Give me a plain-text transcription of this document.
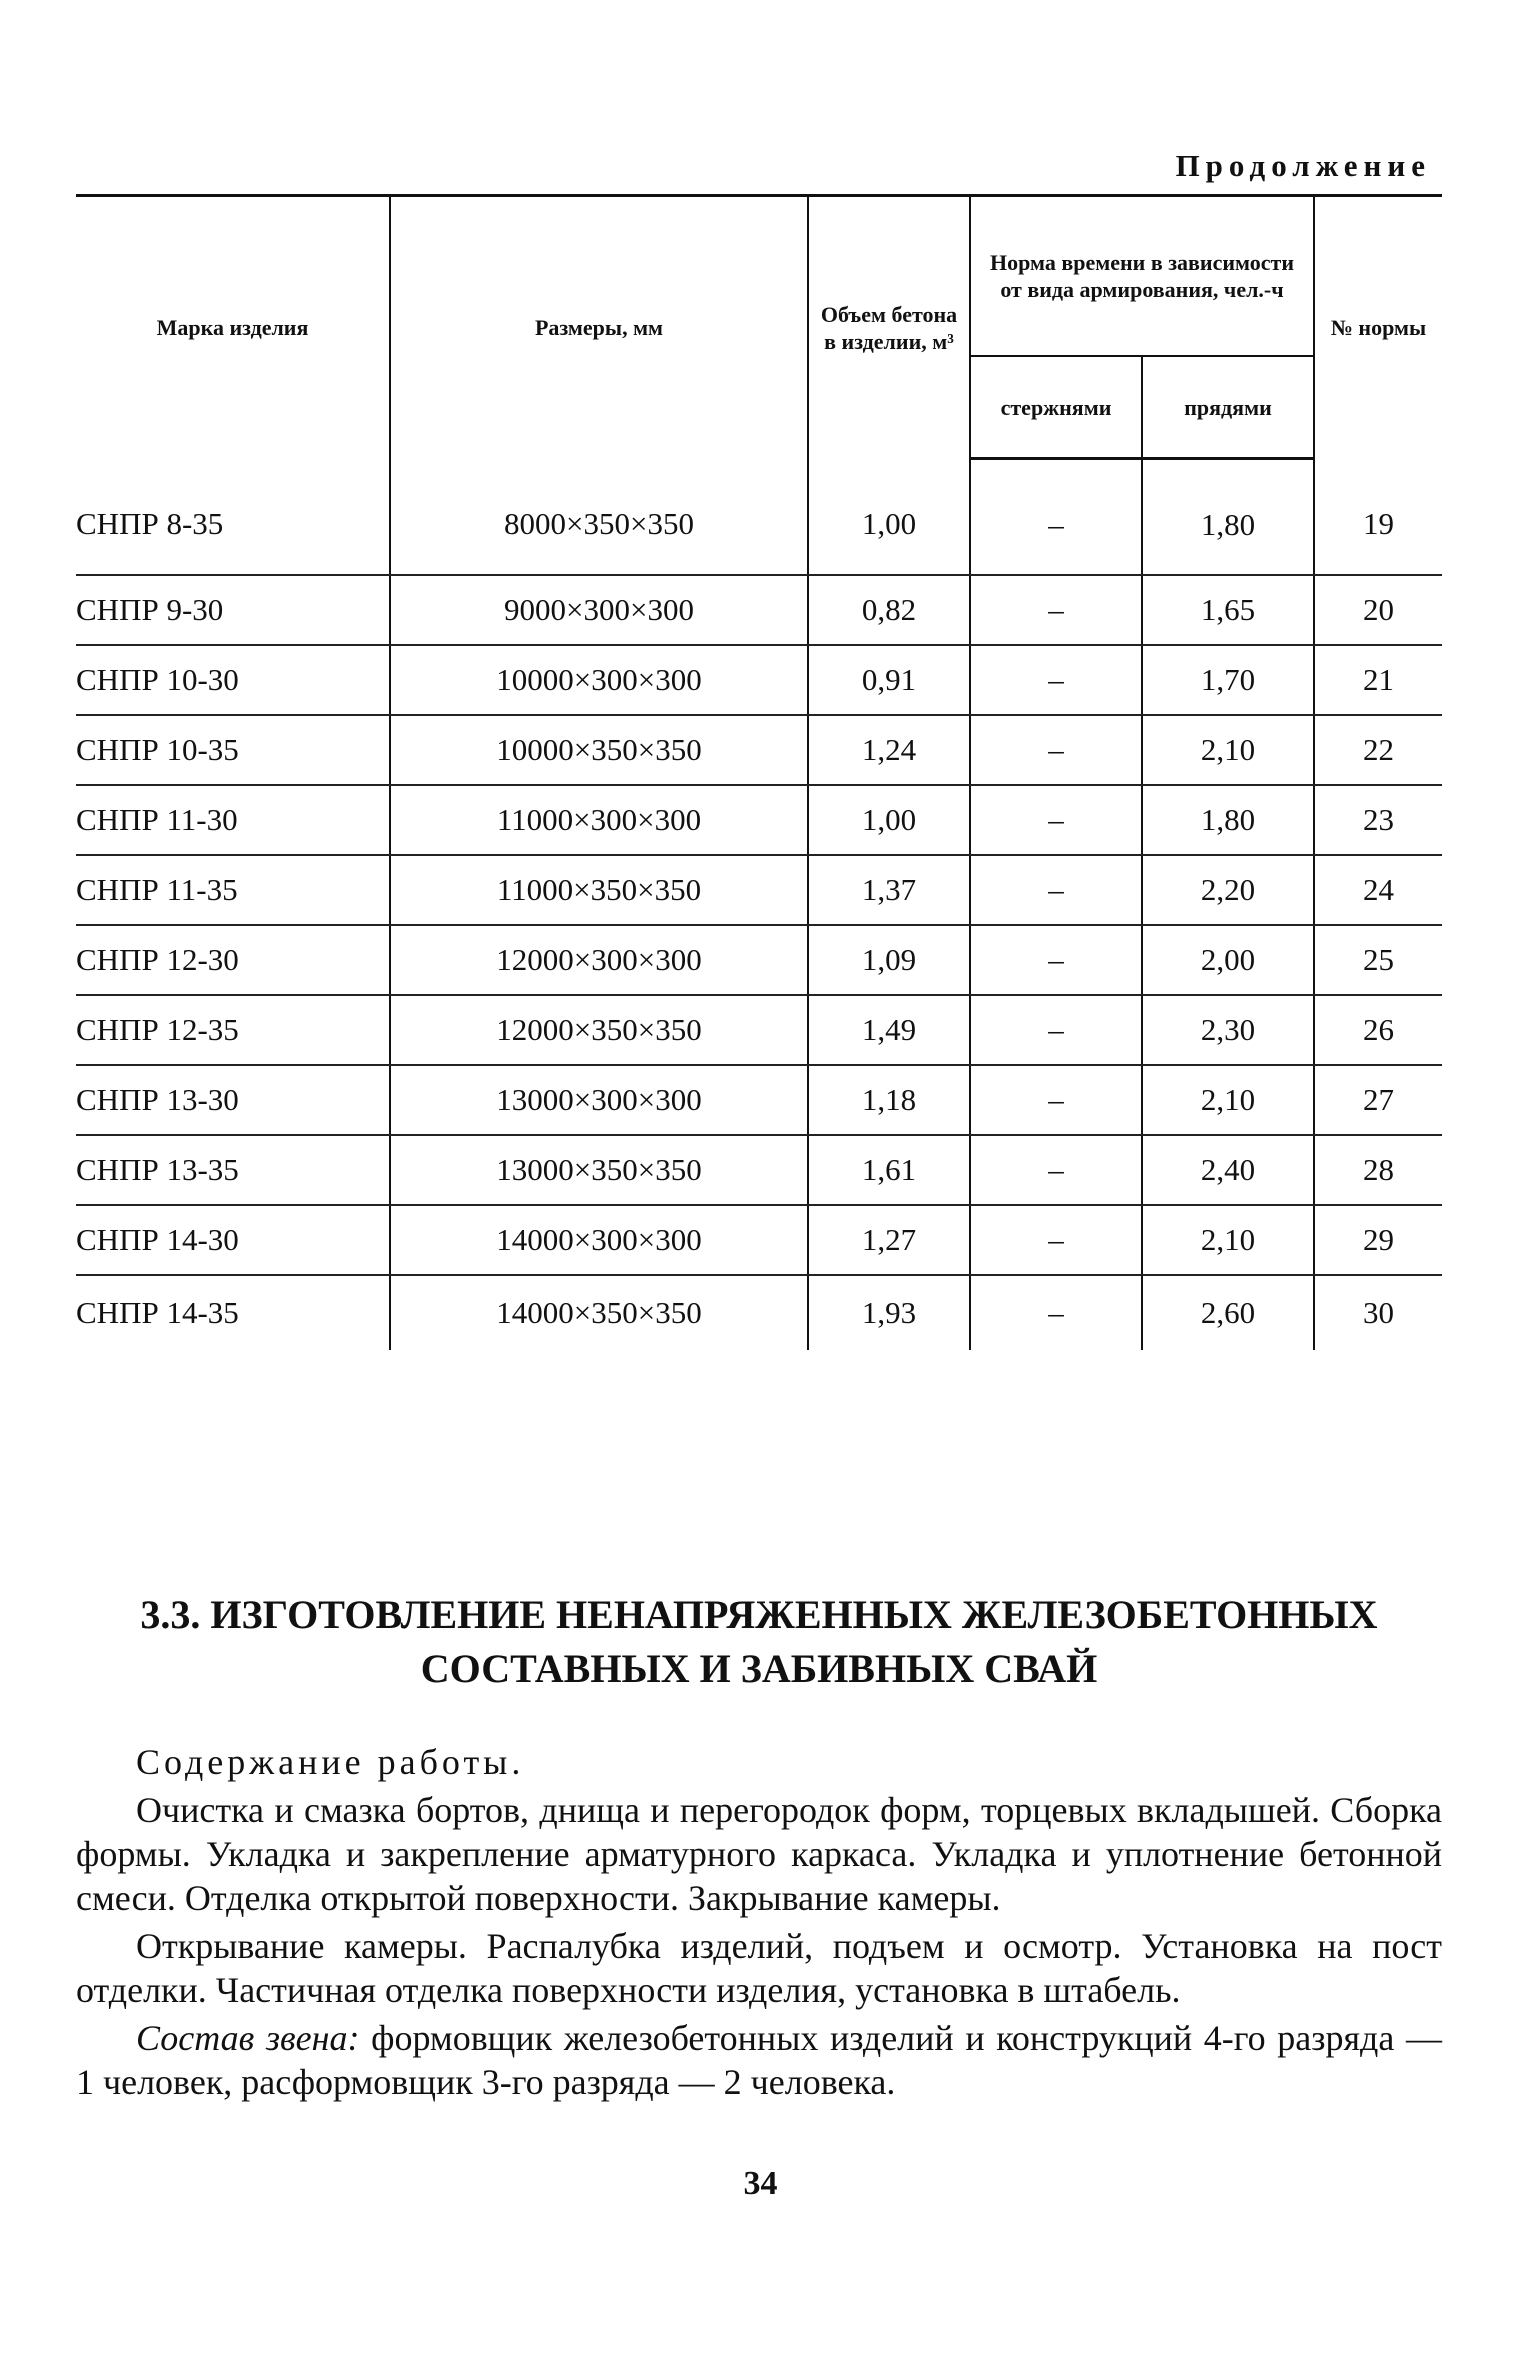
Продолжение
Марка изделия	Размеры, мм	Объем бетона в изделии, м³	Норма времени в зависимости от вида армирования, чел.-ч		№ нормы
			стержнями	прядями	
СНПР 8-35	8000×350×350	1,00	–	1,80	19
СНПР 9-30	9000×300×300	0,82	–	1,65	20
СНПР 10-30	10000×300×300	0,91	–	1,70	21
СНПР 10-35	10000×350×350	1,24	–	2,10	22
СНПР 11-30	11000×300×300	1,00	–	1,80	23
СНПР 11-35	11000×350×350	1,37	–	2,20	24
СНПР 12-30	12000×300×300	1,09	–	2,00	25
СНПР 12-35	12000×350×350	1,49	–	2,30	26
СНПР 13-30	13000×300×300	1,18	–	2,10	27
СНПР 13-35	13000×350×350	1,61	–	2,40	28
СНПР 14-30	14000×300×300	1,27	–	2,10	29
СНПР 14-35	14000×350×350	1,93	–	2,60	30
3.3. ИЗГОТОВЛЕНИЕ НЕНАПРЯЖЕННЫХ ЖЕЛЕЗОБЕТОННЫХ
СОСТАВНЫХ И ЗАБИВНЫХ СВАЙ

Содержание работы.

Очистка и смазка бортов, днища и перегородок форм, торцевых вкладышей. Сборка формы. Укладка и закрепление арматурного каркаса. Укладка и уплотнение бетонной смеси. Отделка открытой поверхности. Закрывание камеры.

Открывание камеры. Распалубка изделий, подъем и осмотр. Установка на пост отделки. Частичная отделка поверхности изделия, установка в штабель.

Состав звена: формовщик железобетонных изделий и конструкций 4-го разряда — 1 человек, расформовщик 3-го разряда — 2 человека.

34
